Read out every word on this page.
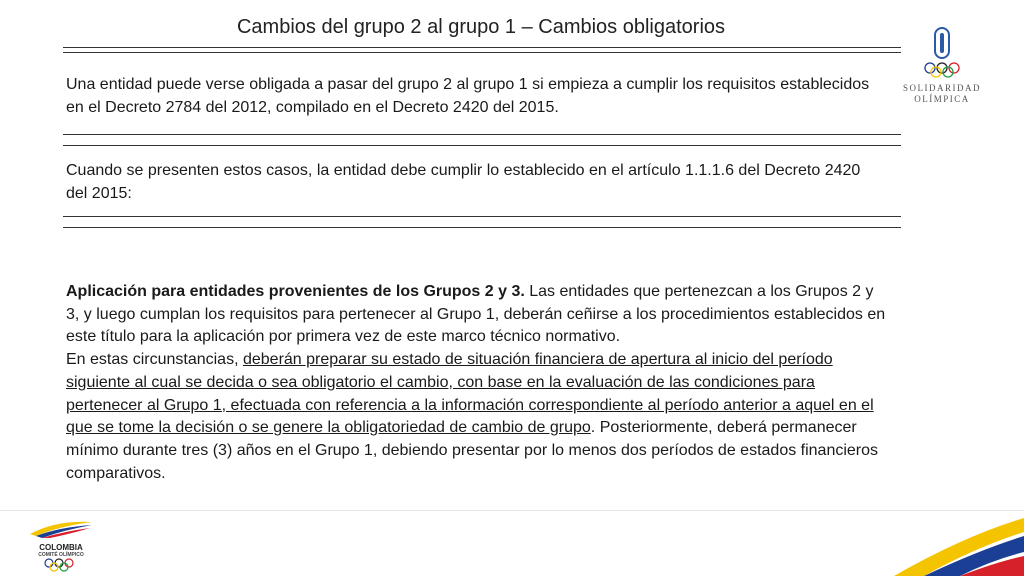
Cambios del grupo 2 al grupo 1 – Cambios obligatorios
Una entidad puede verse obligada a pasar del grupo 2 al grupo 1 si empieza a cumplir los requisitos establecidos en el Decreto 2784 del 2012, compilado en el Decreto 2420 del 2015.
Cuando se presenten estos casos, la entidad debe cumplir lo establecido en el artículo 1.1.1.6 del Decreto 2420 del 2015:
Aplicación para entidades provenientes de los Grupos 2 y 3. Las entidades que pertenezcan a los Grupos 2 y 3, y luego cumplan los requisitos para pertenecer al Grupo 1, deberán ceñirse a los procedimientos establecidos en este título para la aplicación por primera vez de este marco técnico normativo.
En estas circunstancias, deberán preparar su estado de situación financiera de apertura al inicio del período siguiente al cual se decida o sea obligatorio el cambio, con base en la evaluación de las condiciones para pertenecer al Grupo 1, efectuada con referencia a la información correspondiente al período anterior a aquel en el que se tome la decisión o se genere la obligatoriedad de cambio de grupo. Posteriormente, deberá permanecer mínimo durante tres (3) años en el Grupo 1, debiendo presentar por lo menos dos períodos de estados financieros comparativos.
SOLIDARIDAD
OLÍMPICA
COLOMBIA
COMITÉ OLÍMPICO
